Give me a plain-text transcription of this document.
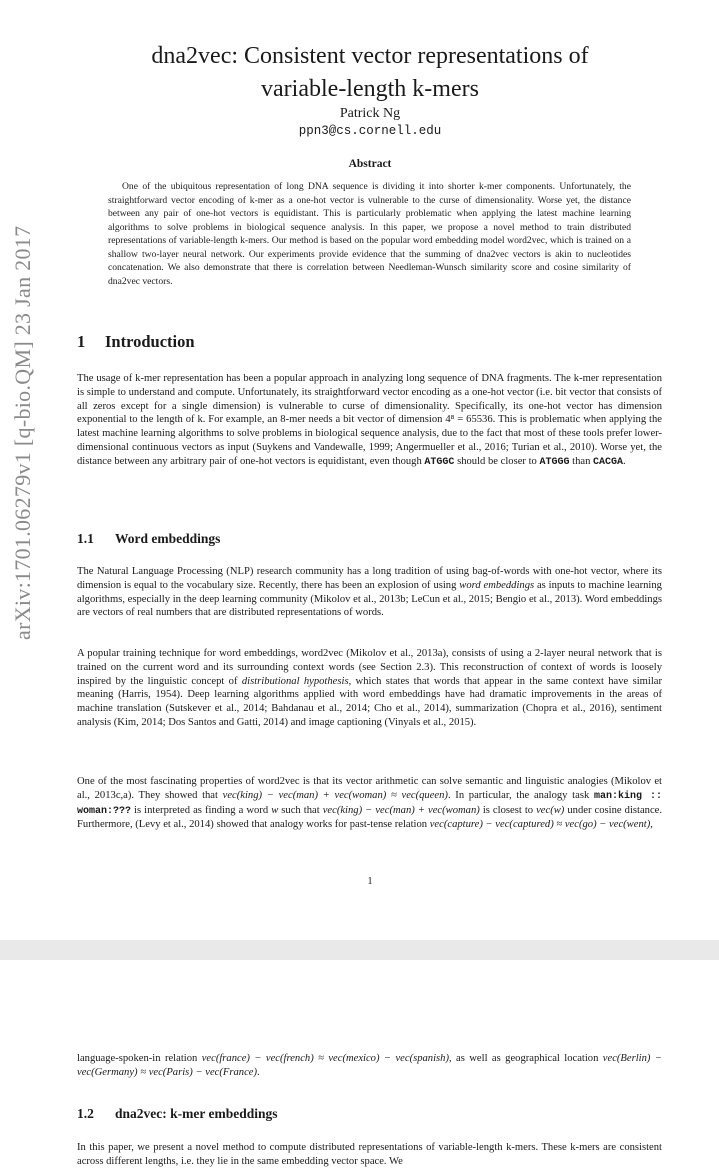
arXiv:1701.06279v1 [q-bio.QM] 23 Jan 2017
dna2vec: Consistent vector representations of
variable-length k-mers
Patrick Ng
ppn3@cs.cornell.edu
Abstract
One of the ubiquitous representation of long DNA sequence is dividing it into shorter k-mer components. Unfortunately, the straightforward vector encoding of k-mer as a one-hot vector is vulnerable to the curse of dimensionality. Worse yet, the distance between any pair of one-hot vectors is equidistant. This is particularly problematic when applying the latest machine learning algorithms to solve problems in biological sequence analysis. In this paper, we propose a novel method to train distributed representations of variable-length k-mers. Our method is based on the popular word embedding model word2vec, which is trained on a shallow two-layer neural network. Our experiments provide evidence that the summing of dna2vec vectors is akin to nucleotides concatenation. We also demonstrate that there is correlation between Needleman-Wunsch similarity score and cosine similarity of dna2vec vectors.
1 Introduction

The usage of k-mer representation has been a popular approach in analyzing long sequence of DNA fragments. The k-mer representation is simple to understand and compute. Unfortunately, its straightforward vector encoding as a one-hot vector (i.e. bit vector that consists of all zeros except for a single dimension) is vulnerable to curse of dimensionality. Specifically, its one-hot vector has dimension exponential to the length of k. For example, an 8-mer needs a bit vector of dimension 4⁸ = 65536. This is problematic when applying the latest machine learning algorithms to solve problems in biological sequence analysis, due to the fact that most of these tools prefer lower-dimensional continuous vectors as input (Suykens and Vandewalle, 1999; Angermueller et al., 2016; Turian et al., 2010). Worse yet, the distance between any arbitrary pair of one-hot vectors is equidistant, even though ATGGC should be closer to ATGGG than CACGA.

1.1 Word embeddings

The Natural Language Processing (NLP) research community has a long tradition of using bag-of-words with one-hot vector, where its dimension is equal to the vocabulary size. Recently, there has been an explosion of using word embeddings as inputs to machine learning algorithms, especially in the deep learning community (Mikolov et al., 2013b; LeCun et al., 2015; Bengio et al., 2013). Word embeddings are vectors of real numbers that are distributed representations of words.

A popular training technique for word embeddings, word2vec (Mikolov et al., 2013a), consists of using a 2-layer neural network that is trained on the current word and its surrounding context words (see Section 2.3). This reconstruction of context of words is loosely inspired by the linguistic concept of distributional hypothesis, which states that words that appear in the same context have similar meaning (Harris, 1954). Deep learning algorithms applied with word embeddings have had dramatic improvements in the areas of machine translation (Sutskever et al., 2014; Bahdanau et al., 2014; Cho et al., 2014), summarization (Chopra et al., 2016), sentiment analysis (Kim, 2014; Dos Santos and Gatti, 2014) and image captioning (Vinyals et al., 2015).

One of the most fascinating properties of word2vec is that its vector arithmetic can solve semantic and linguistic analogies (Mikolov et al., 2013c,a). They showed that vec(king) − vec(man) + vec(woman) ≈ vec(queen). In particular, the analogy task man:king :: woman:??? is interpreted as finding a word w such that vec(king) − vec(man) + vec(woman) is closest to vec(w) under cosine distance. Furthermore, (Levy et al., 2014) showed that analogy works for past-tense relation vec(capture) − vec(captured) ≈ vec(go) − vec(went),

1

language-spoken-in relation vec(france) − vec(french) ≈ vec(mexico) − vec(spanish), as well as geographical location vec(Berlin) − vec(Germany) ≈ vec(Paris) − vec(France).

1.2 dna2vec: k-mer embeddings

In this paper, we present a novel method to compute distributed representations of variable-length k-mers. These k-mers are consistent across different lengths, i.e. they lie in the same embedding vector space. We
